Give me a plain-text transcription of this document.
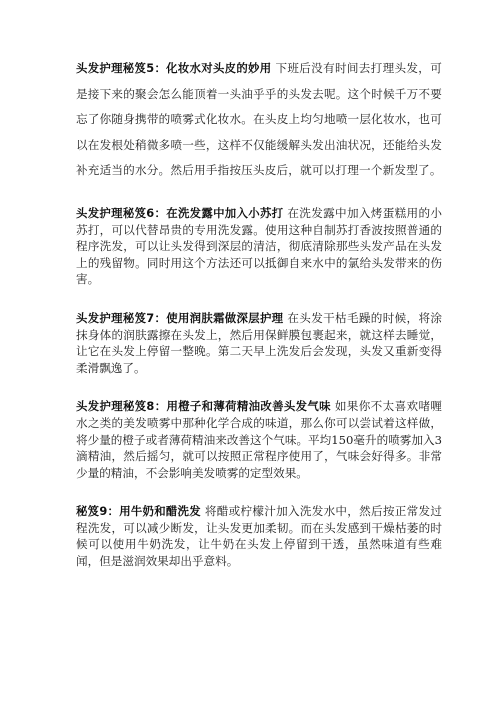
头发护理秘笈5：化妆水对头皮的妙用 下班后没有时间去打理头发，可是接下来的聚会怎么能顶着一头油乎乎的头发去呢。这个时候千万不要忘了你随身携带的喷雾式化妆水。在头皮上均匀地喷一层化妆水，也可以在发根处稍微多喷一些，这样不仅能缓解头发出油状况，还能给头发补充适当的水分。然后用手指按压头皮后，就可以打理一个新发型了。

头发护理秘笈6：在洗发露中加入小苏打 在洗发露中加入烤蛋糕用的小苏打，可以代替昂贵的专用洗发露。使用这种自制苏打香波按照普通的程序洗发，可以让头发得到深层的清洁，彻底清除那些头发产品在头发上的残留物。同时用这个方法还可以抵御自来水中的氯给头发带来的伤害。

头发护理秘笈7：使用润肤霜做深层护理 在头发干枯毛躁的时候，将涂抹身体的润肤露擦在头发上，然后用保鲜膜包裹起来，就这样去睡觉，让它在头发上停留一整晚。第二天早上洗发后会发现，头发又重新变得柔滑飘逸了。

头发护理秘笈8：用橙子和薄荷精油改善头发气味 如果你不太喜欢啫喱水之类的美发喷雾中那种化学合成的味道，那么你可以尝试着这样做，将少量的橙子或者薄荷精油来改善这个气味。平均150毫升的喷雾加入3滴精油，然后摇匀，就可以按照正常程序使用了，气味会好得多。非常少量的精油，不会影响美发喷雾的定型效果。

秘笈9：用牛奶和醋洗发 将醋或柠檬汁加入洗发水中，然后按正常发过程洗发，可以减少断发，让头发更加柔韧。而在头发感到干燥枯萎的时候可以使用牛奶洗发，让牛奶在头发上停留到干透，虽然味道有些难闻，但是滋润效果却出乎意料。
